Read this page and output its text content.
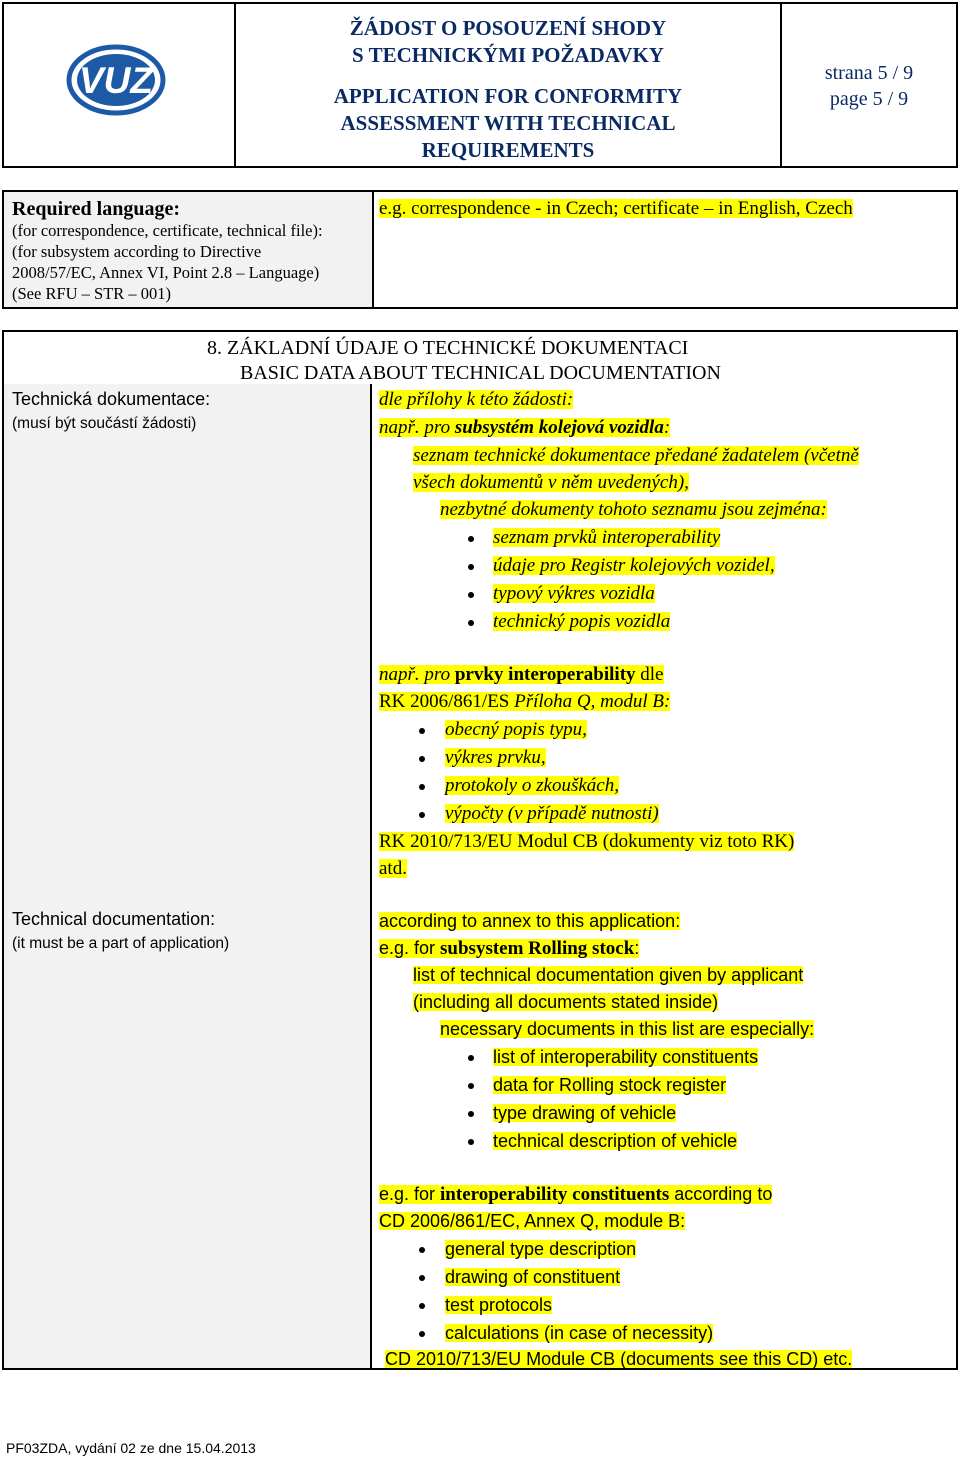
VUZ
ŽÁDOST O POSOUZENÍ SHODY
S TECHNICKÝMI POŽADAVKY
APPLICATION FOR CONFORMITY
ASSESSMENT WITH TECHNICAL
REQUIREMENTS
strana 5 / 9
page 5 / 9
Required language:
(for correspondence, certificate, technical file):
(for subsystem according to Directive
2008/57/EC, Annex VI, Point 2.8 – Language)
(See RFU – STR – 001)
e.g. correspondence - in Czech; certificate – in English, Czech
8. ZÁKLADNÍ ÚDAJE O TECHNICKÉ DOKUMENTACI
BASIC DATA ABOUT TECHNICAL DOCUMENTATION
Technická dokumentace:
(musí být součástí žádosti)
Technical documentation:
(it must be a part of application)
dle přílohy k této žádosti:
např. pro subsystém kolejová vozidla:
seznam technické dokumentace předané žadatelem (včetně
všech dokumentů v něm uvedených),
nezbytné dokumenty tohoto seznamu jsou zejména:
seznam prvků interoperability
údaje pro Registr kolejových vozidel,
typový výkres vozidla
technický popis vozidla
např. pro prvky interoperability dle
RK 2006/861/ES Příloha Q, modul B:
obecný popis typu,
výkres prvku,
protokoly o zkouškách,
výpočty (v případě nutnosti)
RK 2010/713/EU Modul CB (dokumenty viz toto RK)
atd.
according to annex to this application:
e.g. for subsystem Rolling stock:
list of technical documentation given by applicant
(including all documents stated inside)
necessary documents in this list are especially:
list of interoperability constituents
data for Rolling stock register
type drawing of vehicle
technical description of vehicle
e.g. for interoperability constituents according to
CD 2006/861/EC, Annex Q, module B:
general type description
drawing of constituent
test protocols
calculations (in case of necessity)
CD 2010/713/EU Module CB (documents see this CD) etc.
PF03ZDA, vydání 02 ze dne 15.04.2013
